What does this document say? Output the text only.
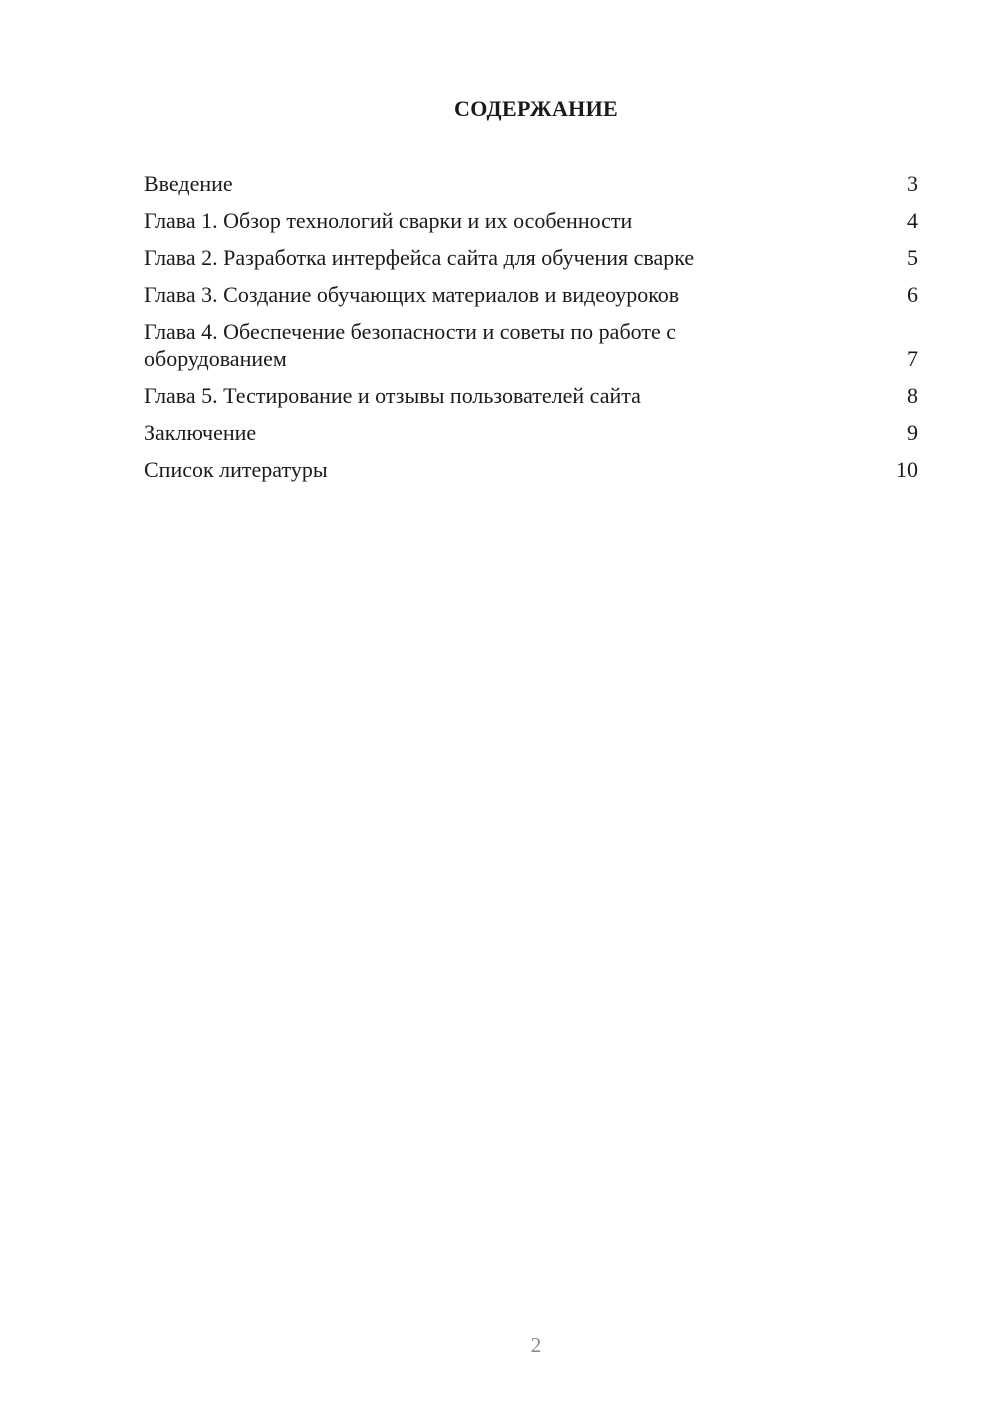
СОДЕРЖАНИЕ
Введение	3
Глава 1. Обзор технологий сварки и их особенности	4
Глава 2. Разработка интерфейса сайта для обучения сварке	5
Глава 3. Создание обучающих материалов и видеоуроков	6
Глава 4. Обеспечение безопасности и советы по работе с оборудованием	7
Глава 5. Тестирование и отзывы пользователей сайта	8
Заключение	9
Список литературы	10
2
